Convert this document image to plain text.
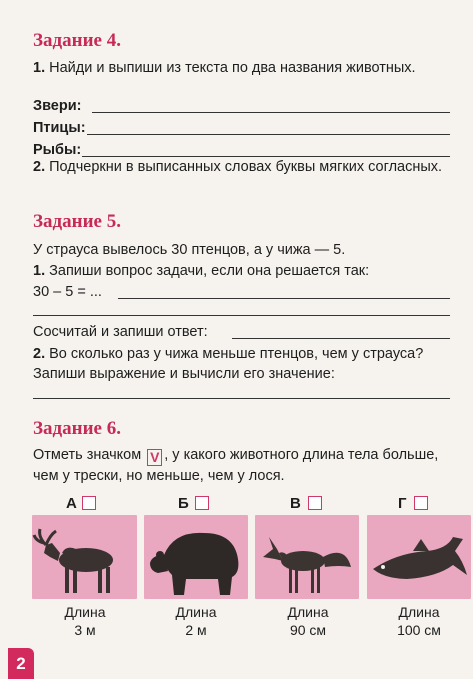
Задание 4.
1. Найди и выпиши из текста по два названия животных.
Звери:
Птицы:
Рыбы:
2. Подчеркни в выписанных словах буквы мягких согласных.
Задание 5.
У страуса вывелось 30 птенцов, а у чижа — 5.
1. Запиши вопрос задачи, если она решается так:
30 – 5 = ...
Сосчитай и запиши ответ:
2. Во сколько раз у чижа меньше птенцов, чем у страуса? Запиши выражение и вычисли его значение:
Задание 6.
Отметь значком V , у какого животного длина тела больше, чем у трески, но меньше, чем у лося.
А	Б	В	Г
Длина
3 м
Длина
2 м
Длина
90 см
Длина
100 см
2
